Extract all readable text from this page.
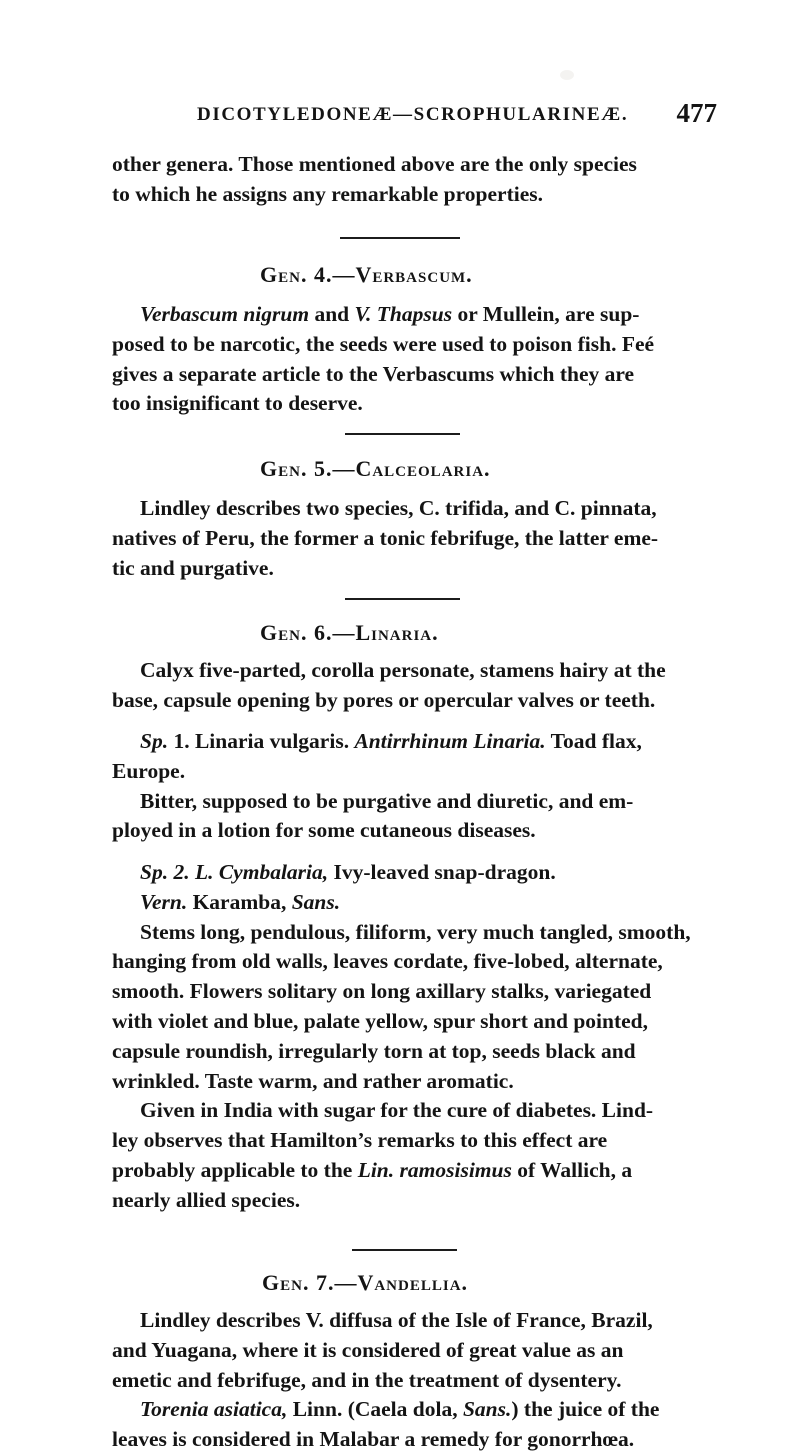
DICOTYLEDONEÆ—SCROPHULARINEÆ. 477
other genera. Those mentioned above are the only species
to which he assigns any remarkable properties.
Gen. 4.—Verbascum.
Verbascum nigrum and V. Thapsus or Mullein, are sup-
posed to be narcotic, the seeds were used to poison fish. Feé
gives a separate article to the Verbascums which they are
too insignificant to deserve.
Gen. 5.—Calceolaria.
Lindley describes two species, C. trifida, and C. pinnata,
natives of Peru, the former a tonic febrifuge, the latter eme-
tic and purgative.
Gen. 6.—Linaria.
Calyx five-parted, corolla personate, stamens hairy at the
base, capsule opening by pores or opercular valves or teeth.
Sp. 1. Linaria vulgaris. Antirrhinum Linaria. Toad flax,
Europe.
Bitter, supposed to be purgative and diuretic, and em-
ployed in a lotion for some cutaneous diseases.
Sp. 2. L. Cymbalaria, Ivy-leaved snap-dragon.
Vern. Karamba, Sans.
Stems long, pendulous, filiform, very much tangled, smooth,
hanging from old walls, leaves cordate, five-lobed, alternate,
smooth. Flowers solitary on long axillary stalks, variegated
with violet and blue, palate yellow, spur short and pointed,
capsule roundish, irregularly torn at top, seeds black and
wrinkled. Taste warm, and rather aromatic.
Given in India with sugar for the cure of diabetes. Lind-
ley observes that Hamilton’s remarks to this effect are
probably applicable to the Lin. ramosisimus of Wallich, a
nearly allied species.
Gen. 7.—Vandellia.
Lindley describes V. diffusa of the Isle of France, Brazil,
and Yuagana, where it is considered of great value as an
emetic and febrifuge, and in the treatment of dysentery.
Torenia asiatica, Linn. (Caela dola, Sans.) the juice of the
leaves is considered in Malabar a remedy for gonorrhœa.
